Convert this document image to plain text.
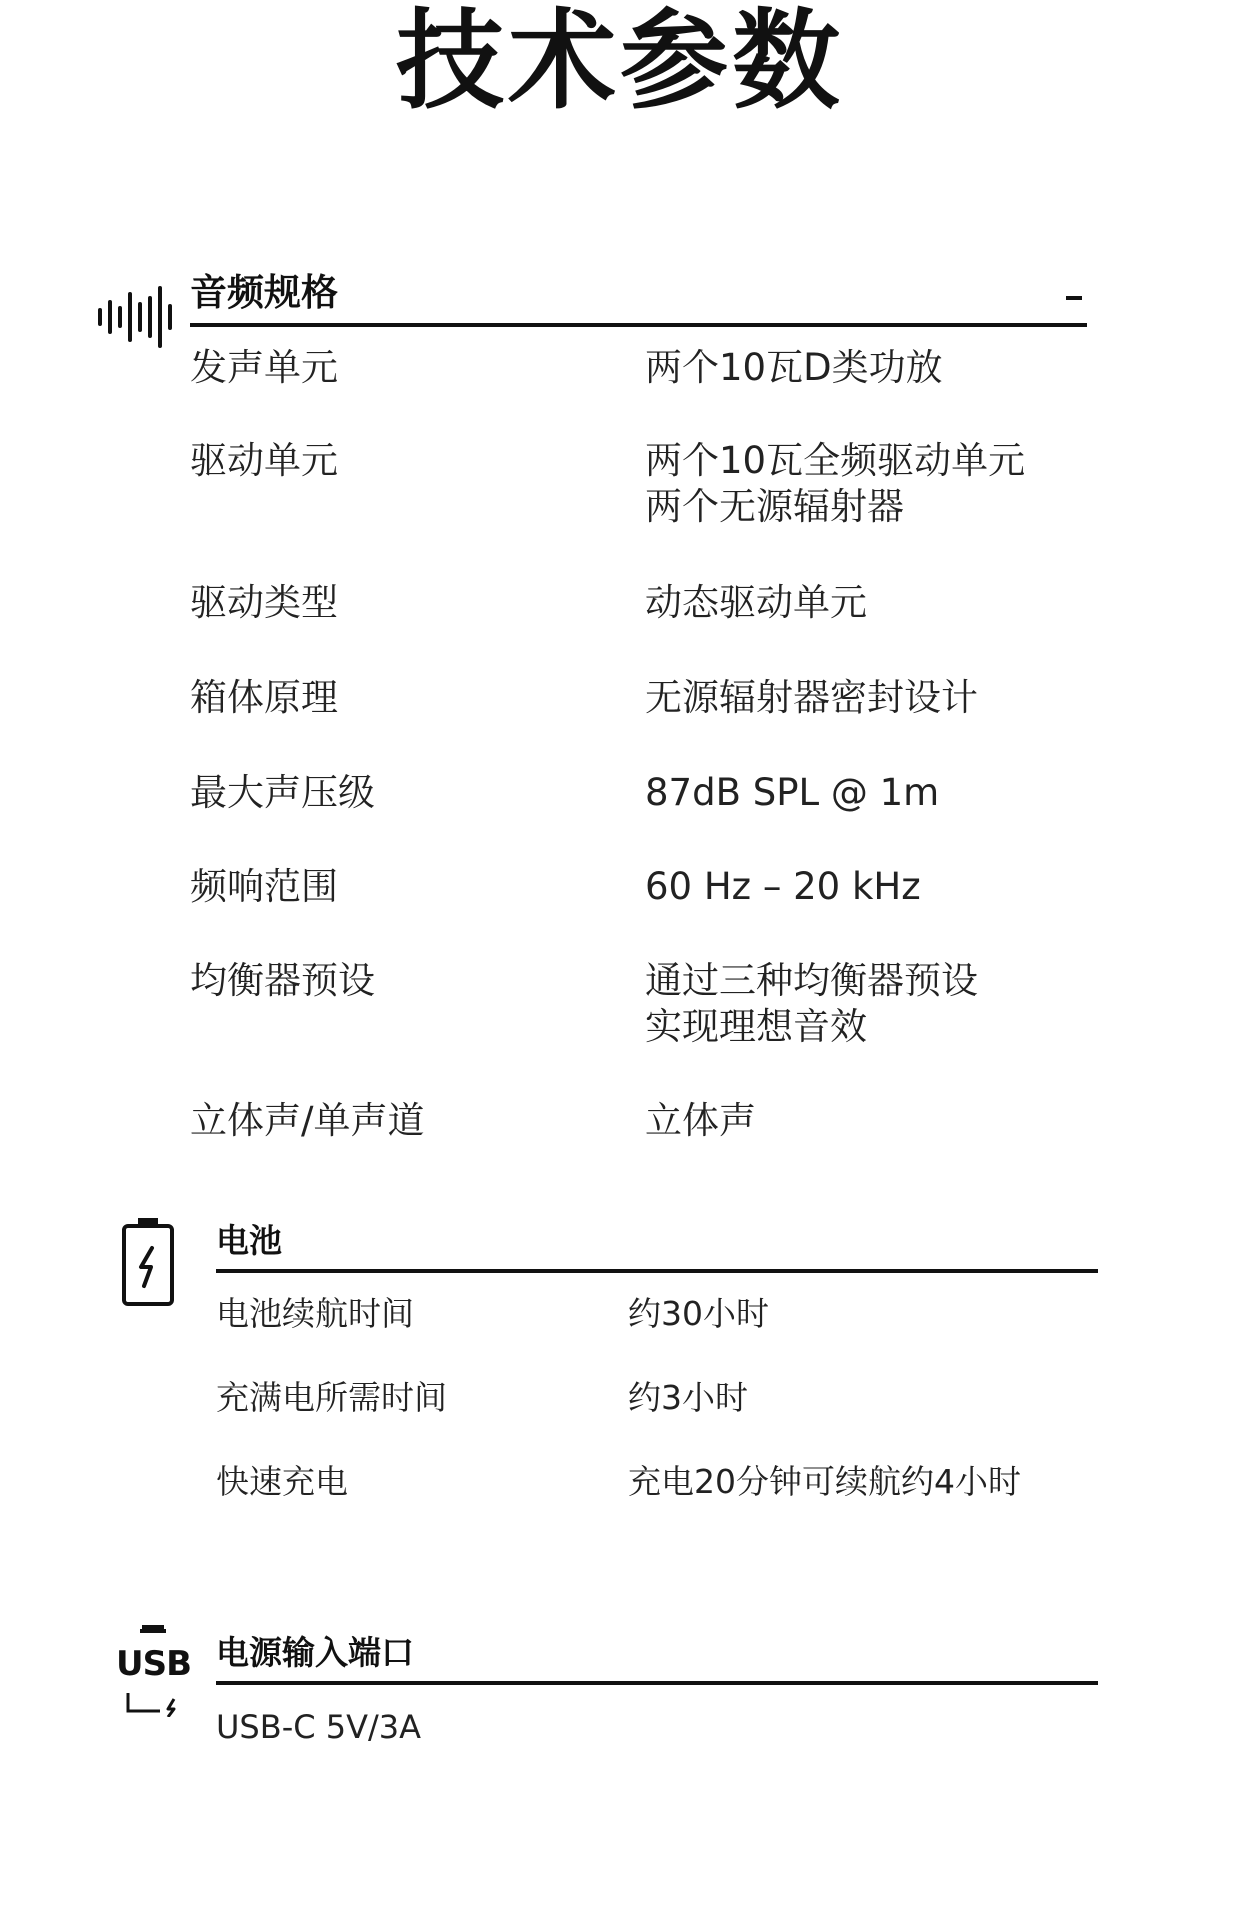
技术参数
音频规格
发声单元	两个10瓦D类功放
驱动单元	两个10瓦全频驱动单元
两个无源辐射器
驱动类型	动态驱动单元
箱体原理	无源辐射器密封设计
最大声压级	87dB SPL @ 1m
频响范围	60 Hz – 20 kHz
均衡器预设	通过三种均衡器预设
实现理想音效
立体声/单声道	立体声
电池
电池续航时间	约30小时
充满电所需时间	约3小时
快速充电	充电20分钟可续航约4小时
USB 电源输入端口
USB-C 5V/3A
